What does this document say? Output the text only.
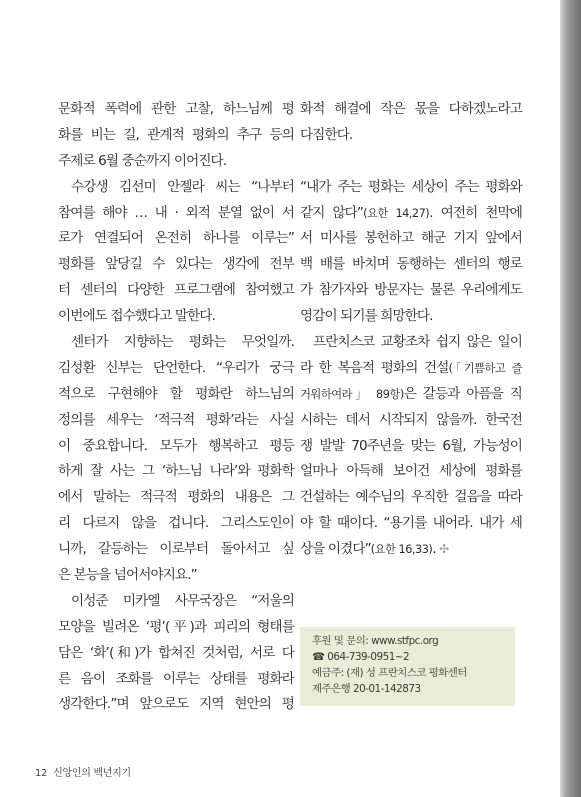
문화적 폭력에 관한 고찰, 하느님께 평
화를 비는 길, 관계적 평화의 추구 등의
주제로 6월 중순까지 이어진다.
수강생 김선미 안젤라 씨는 “나부터
참여를 해야 … 내 · 외적 분열 없이 서
로가 연결되어 온전히 하나를 이루는”
평화를 앞당길 수 있다는 생각에 전부
터 센터의 다양한 프로그램에 참여했고
이번에도 접수했다고 말한다.
센터가 지향하는 평화는 무엇일까.
김성환 신부는 단언한다. “우리가 궁극
적으로 구현해야 할 평화란 하느님의
정의를 세우는 ‘적극적 평화’라는 사실
이 중요합니다. 모두가 행복하고 평등
하게 잘 사는 그 ‘하느님 나라’와 평화학
에서 말하는 적극적 평화의 내용은 그
리 다르지 않을 겁니다. 그리스도인이
니까, 갈등하는 이로부터 돌아서고 싶
은 본능을 넘어서야지요.”
이성준 미카엘 사무국장은 “저울의
모양을 빌려온 ‘평’(平)과 피리의 형태를
담은 ‘화’(和)가 합쳐진 것처럼, 서로 다
른 음이 조화를 이루는 상태를 평화라
생각한다.”며 앞으로도 지역 현안의 평
화적 해결에 작은 몫을 다하겠노라고
다짐한다.
“내가 주는 평화는 세상이 주는 평화와
같지 않다”(요한 14,27). 여전히 천막에
서 미사를 봉헌하고 해군 기지 앞에서
백 배를 바치며 동행하는 센터의 행로
가 참가자와 방문자는 물론 우리에게도
영감이 되기를 희망한다.
프란치스코 교황조차 쉽지 않은 일이
라 한 복음적 평화의 건설(「기쁨하고 즐
거워하여라」 89항)은 갈등과 아픔을 직
시하는 데서 시작되지 않을까. 한국전
쟁 발발 70주년을 맞는 6월, 가능성이
얼마나 아득해 보이건 세상에 평화를
건설하는 예수님의 우직한 걸음을 따라
야 할 때이다. “용기를 내어라. 내가 세
상을 이겼다”(요한 16,33). ✣
후원 및 문의: www.stfpc.org
☎ 064-739-0951~2
예금주: (재) 성 프란치스코 평화센터
제주은행 20-01-142873
12 신앙인의 백년지기
